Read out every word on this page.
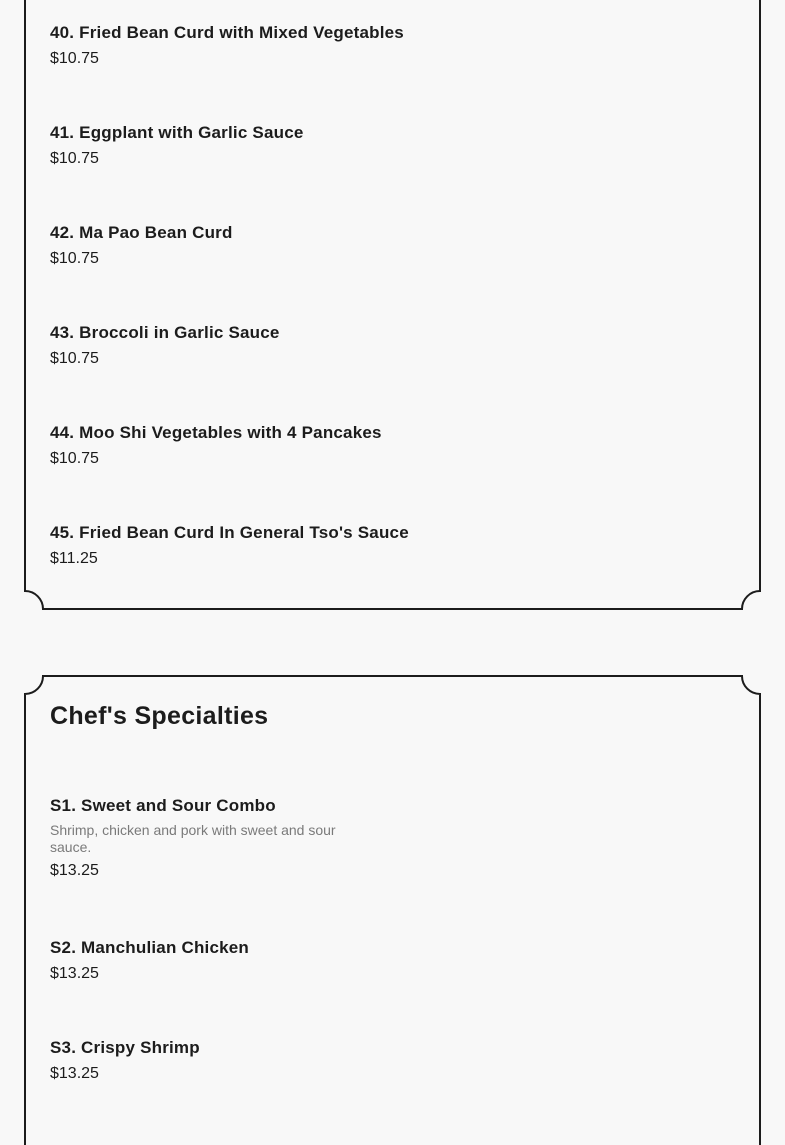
40. Fried Bean Curd with Mixed Vegetables
$10.75
41. Eggplant with Garlic Sauce
$10.75
42. Ma Pao Bean Curd
$10.75
43. Broccoli in Garlic Sauce
$10.75
44. Moo Shi Vegetables with 4 Pancakes
$10.75
45. Fried Bean Curd In General Tso's Sauce
$11.25
Chef's Specialties
S1. Sweet and Sour Combo
Shrimp, chicken and pork with sweet and sour sauce.
$13.25
S2. Manchulian Chicken
$13.25
S3. Crispy Shrimp
$13.25
